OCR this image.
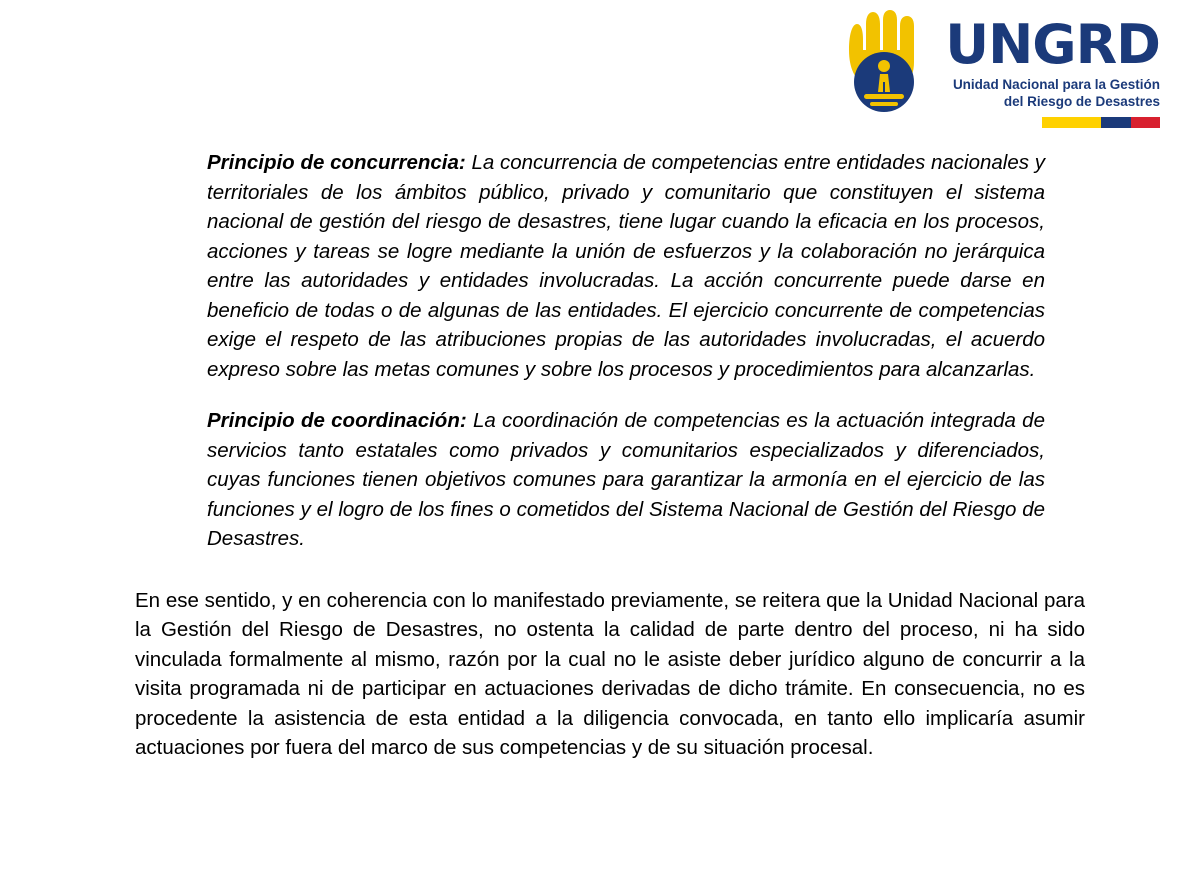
UNGRD
Unidad Nacional para la Gestión
del Riesgo de Desastres

Principio de concurrencia: La concurrencia de competencias entre entidades nacionales y territoriales de los ámbitos público, privado y comunitario que constituyen el sistema nacional de gestión del riesgo de desastres, tiene lugar cuando la eficacia en los procesos, acciones y tareas se logre mediante la unión de esfuerzos y la colaboración no jerárquica entre las autoridades y entidades involucradas. La acción concurrente puede darse en beneficio de todas o de algunas de las entidades. El ejercicio concurrente de competencias exige el respeto de las atribuciones propias de las autoridades involucradas, el acuerdo expreso sobre las metas comunes y sobre los procesos y procedimientos para alcanzarlas.

Principio de coordinación: La coordinación de competencias es la actuación integrada de servicios tanto estatales como privados y comunitarios especializados y diferenciados, cuyas funciones tienen objetivos comunes para garantizar la armonía en el ejercicio de las funciones y el logro de los fines o cometidos del Sistema Nacional de Gestión del Riesgo de Desastres.

En ese sentido, y en coherencia con lo manifestado previamente, se reitera que la Unidad Nacional para la Gestión del Riesgo de Desastres, no ostenta la calidad de parte dentro del proceso, ni ha sido vinculada formalmente al mismo, razón por la cual no le asiste deber jurídico alguno de concurrir a la visita programada ni de participar en actuaciones derivadas de dicho trámite. En consecuencia, no es procedente la asistencia de esta entidad a la diligencia convocada, en tanto ello implicaría asumir actuaciones por fuera del marco de sus competencias y de su situación procesal.
